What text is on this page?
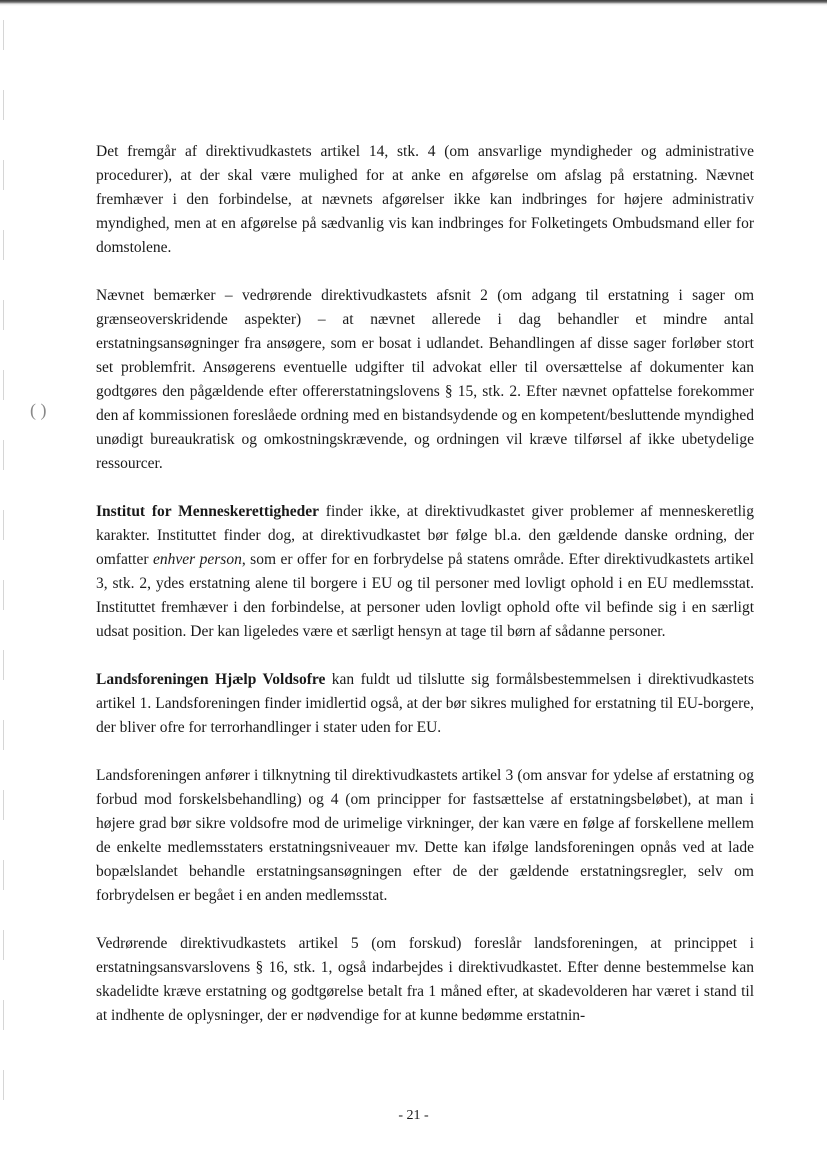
( )

Det fremgår af direktivudkastets artikel 14, stk. 4 (om ansvarlige myndigheder og administrative procedurer), at der skal være mulighed for at anke en afgørelse om afslag på erstatning. Nævnet fremhæver i den forbindelse, at nævnets afgørelser ikke kan indbringes for højere administrativ myndighed, men at en afgørelse på sædvanlig vis kan indbringes for Folketingets Ombudsmand eller for domstolene.

Nævnet bemærker – vedrørende direktivudkastets afsnit 2 (om adgang til erstatning i sager om grænseoverskridende aspekter) – at nævnet allerede i dag behandler et mindre antal erstatningsansøgninger fra ansøgere, som er bosat i udlandet. Behandlingen af disse sager forløber stort set problemfrit. Ansøgerens eventuelle udgifter til advokat eller til oversættelse af dokumenter kan godtgøres den pågældende efter offererstatningslovens § 15, stk. 2. Efter nævnet opfattelse forekommer den af kommissionen foreslåede ordning med en bistandsydende og en kompetent/besluttende myndighed unødigt bureaukratisk og omkostningskrævende, og ordningen vil kræve tilførsel af ikke ubetydelige ressourcer.

Institut for Menneskerettigheder finder ikke, at direktivudkastet giver problemer af menneskeretlig karakter. Instituttet finder dog, at direktivudkastet bør følge bl.a. den gældende danske ordning, der omfatter enhver person, som er offer for en forbrydelse på statens område. Efter direktivudkastets artikel 3, stk. 2, ydes erstatning alene til borgere i EU og til personer med lovligt ophold i en EU medlemsstat. Instituttet fremhæver i den forbindelse, at personer uden lovligt ophold ofte vil befinde sig i en særligt udsat position. Der kan ligeledes være et særligt hensyn at tage til børn af sådanne personer.

Landsforeningen Hjælp Voldsofre kan fuldt ud tilslutte sig formålsbestemmelsen i direktivudkastets artikel 1. Landsforeningen finder imidlertid også, at der bør sikres mulighed for erstatning til EU-borgere, der bliver ofre for terrorhandlinger i stater uden for EU.

Landsforeningen anfører i tilknytning til direktivudkastets artikel 3 (om ansvar for ydelse af erstatning og forbud mod forskelsbehandling) og 4 (om principper for fastsættelse af erstatningsbeløbet), at man i højere grad bør sikre voldsofre mod de urimelige virkninger, der kan være en følge af forskellene mellem de enkelte medlemsstaters erstatningsniveauer mv. Dette kan ifølge landsforeningen opnås ved at lade bopælslandet behandle erstatningsansøgningen efter de der gældende erstatningsregler, selv om forbrydelsen er begået i en anden medlemsstat.

Vedrørende direktivudkastets artikel 5 (om forskud) foreslår landsforeningen, at princippet i erstatningsansvarslovens § 16, stk. 1, også indarbejdes i direktivudkastet. Efter denne bestemmelse kan skadelidte kræve erstatning og godtgørelse betalt fra 1 måned efter, at skadevolderen har været i stand til at indhente de oplysninger, der er nødvendige for at kunne bedømme erstatnin-

- 21 -
